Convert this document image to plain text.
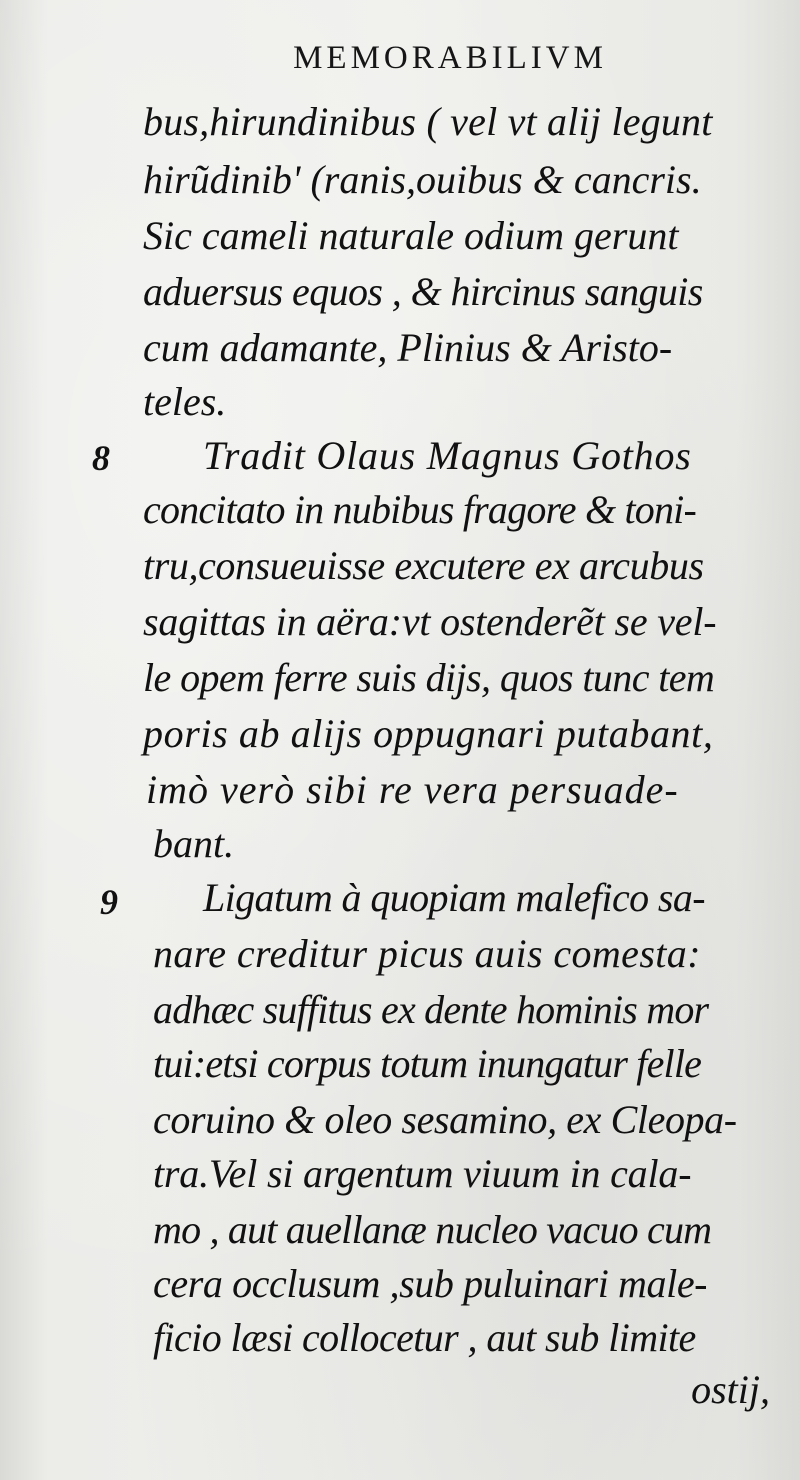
MEMORABILIVM
bus,hirundinibus ( vel vt alij legunt
hirũdinib' (ranis,ouibus & cancris.
Sic cameli naturale odium gerunt
aduersus equos , & hircinus sanguis
cum adamante, Plinius & Aristo-
teles.
8 Tradit Olaus Magnus Gothos
concitato in nubibus fragore & toni-
tru,consueuisse excutere ex arcubus
sagittas in aëra:vt ostenderẽt se vel-
le opem ferre suis dijs, quos tunc tem
poris ab alijs oppugnari putabant,
imò verò sibi re vera persuade-
bant.
9 Ligatum à quopiam malefico sa-
nare creditur picus auis comesta:
adhæc suffitus ex dente hominis mor
tui:etsi corpus totum inungatur felle
coruino & oleo sesamino, ex Cleopa-
tra.Vel si argentum viuum in cala-
mo , aut auellanæ nucleo vacuo cum
cera occlusum ,sub puluinari male-
ficio læsi collocetur , aut sub limite
ostij,
